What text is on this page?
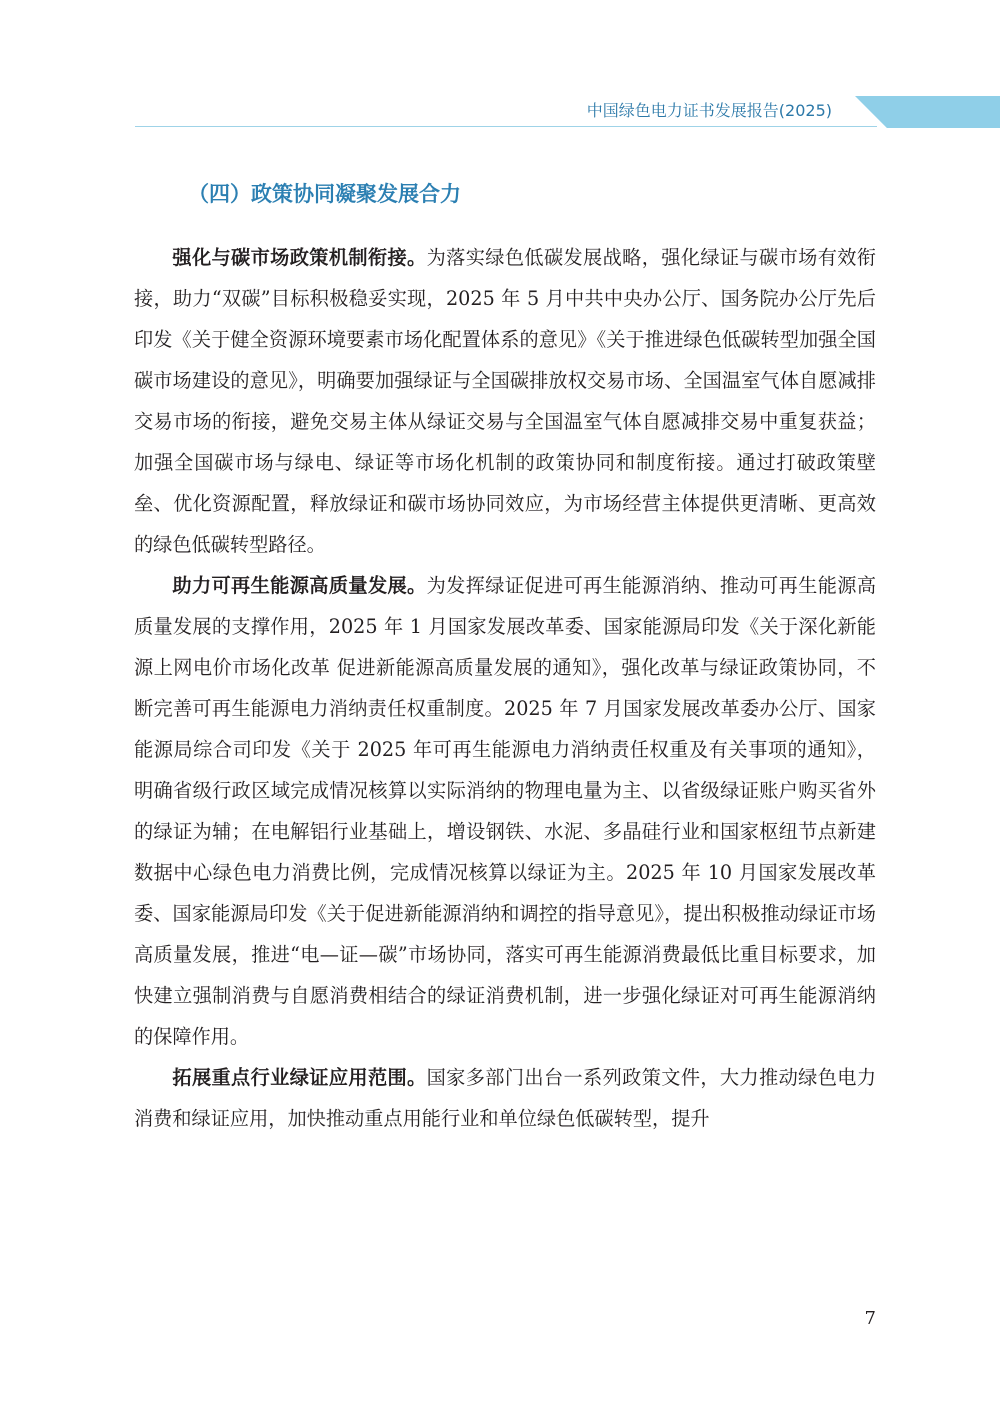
中国绿色电力证书发展报告(2025)
（四）政策协同凝聚发展合力

强化与碳市场政策机制衔接。为落实绿色低碳发展战略，强化绿证与碳市场有效衔接，助力“双碳”目标积极稳妥实现，2025 年 5 月中共中央办公厅、国务院办公厅先后印发《关于健全资源环境要素市场化配置体系的意见》《关于推进绿色低碳转型加强全国碳市场建设的意见》，明确要加强绿证与全国碳排放权交易市场、全国温室气体自愿减排交易市场的衔接，避免交易主体从绿证交易与全国温室气体自愿减排交易中重复获益；加强全国碳市场与绿电、绿证等市场化机制的政策协同和制度衔接。通过打破政策壁垒、优化资源配置，释放绿证和碳市场协同效应，为市场经营主体提供更清晰、更高效的绿色低碳转型路径。

助力可再生能源高质量发展。为发挥绿证促进可再生能源消纳、推动可再生能源高质量发展的支撑作用，2025 年 1 月国家发展改革委、国家能源局印发《关于深化新能源上网电价市场化改革 促进新能源高质量发展的通知》，强化改革与绿证政策协同，不断完善可再生能源电力消纳责任权重制度。2025 年 7 月国家发展改革委办公厅、国家能源局综合司印发《关于 2025 年可再生能源电力消纳责任权重及有关事项的通知》，明确省级行政区域完成情况核算以实际消纳的物理电量为主、以省级绿证账户购买省外的绿证为辅；在电解铝行业基础上，增设钢铁、水泥、多晶硅行业和国家枢纽节点新建数据中心绿色电力消费比例，完成情况核算以绿证为主。2025 年 10 月国家发展改革委、国家能源局印发《关于促进新能源消纳和调控的指导意见》，提出积极推动绿证市场高质量发展，推进“电—证—碳”市场协同，落实可再生能源消费最低比重目标要求，加快建立强制消费与自愿消费相结合的绿证消费机制，进一步强化绿证对可再生能源消纳的保障作用。

拓展重点行业绿证应用范围。国家多部门出台一系列政策文件，大力推动绿色电力消费和绿证应用，加快推动重点用能行业和单位绿色低碳转型，提升

7
